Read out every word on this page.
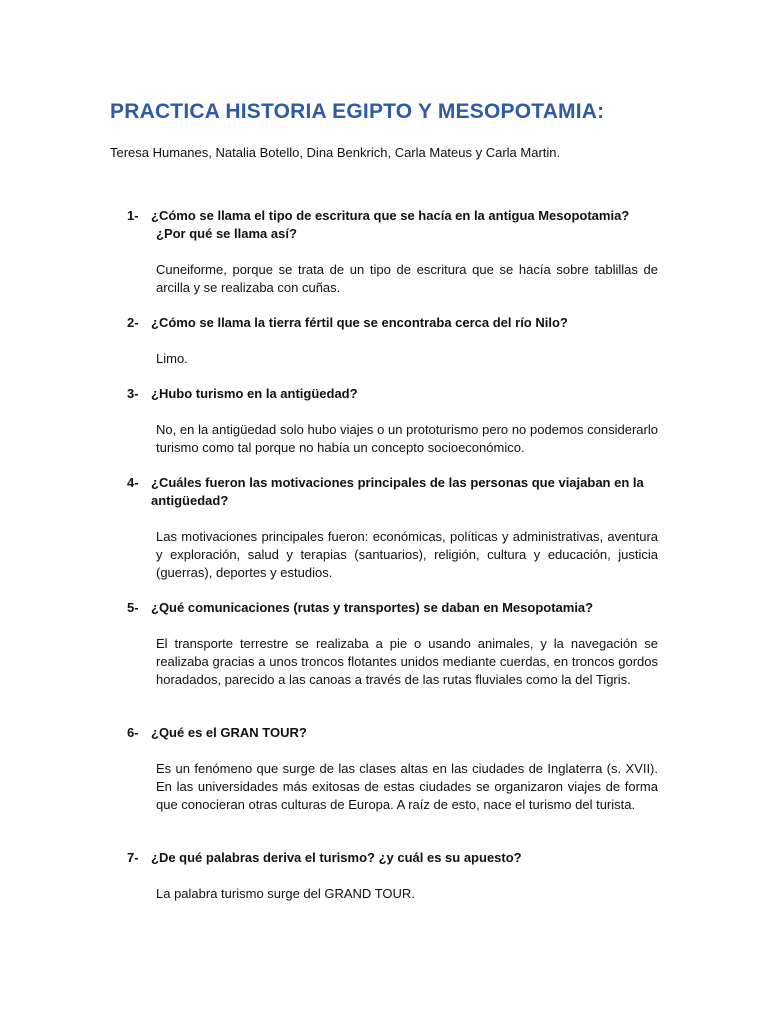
PRACTICA HISTORIA EGIPTO Y MESOPOTAMIA:

Teresa Humanes, Natalia Botello, Dina Benkrich, Carla Mateus y Carla Martin.

1- ¿Cómo se llama el tipo de escritura que se hacía en la antigua Mesopotamia?
¿Por qué se llama así?

Cuneiforme, porque se trata de un tipo de escritura que se hacía sobre tablillas de arcilla y se realizaba con cuñas.

2- ¿Cómo se llama la tierra fértil que se encontraba cerca del río Nilo?

Limo.

3- ¿Hubo turismo en la antigüedad?

No, en la antigüedad solo hubo viajes o un prototurismo pero no podemos considerarlo turismo como tal porque no había un concepto socioeconómico.

4- ¿Cuáles fueron las motivaciones principales de las personas que viajaban en la
antigüedad?

Las motivaciones principales fueron: económicas, políticas y administrativas, aventura y exploración, salud y terapias (santuarios), religión, cultura y educación, justicia (guerras), deportes y estudios.

5- ¿Qué comunicaciones (rutas y transportes) se daban en Mesopotamia?

El transporte terrestre se realizaba a pie o usando animales, y la navegación se realizaba gracias a unos troncos flotantes unidos mediante cuerdas, en troncos gordos horadados, parecido a las canoas a través de las rutas fluviales como la del Tigris.

6- ¿Qué es el GRAN TOUR?

Es un fenómeno que surge de las clases altas en las ciudades de Inglaterra (s. XVII). En las universidades más exitosas de estas ciudades se organizaron viajes de forma que conocieran otras culturas de Europa. A raíz de esto, nace el turismo del turista.

7- ¿De qué palabras deriva el turismo? ¿y cuál es su apuesto?

La palabra turismo surge del GRAND TOUR.
